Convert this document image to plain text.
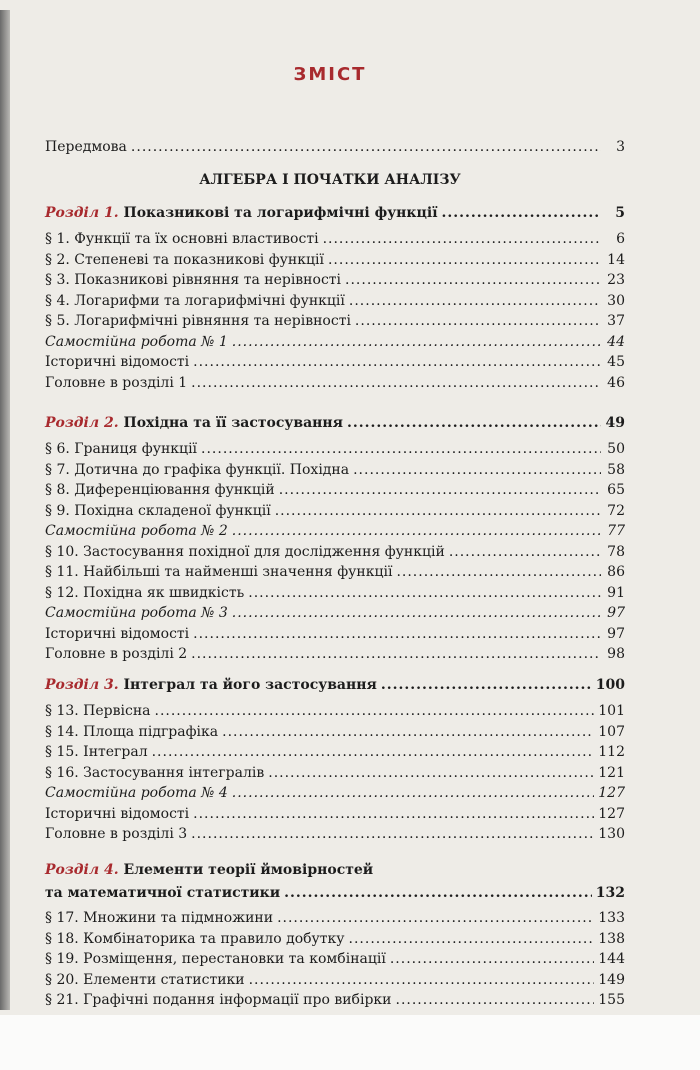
ЗМІСТ
Передмова .....	3
АЛГЕБРА І ПОЧАТКИ АНАЛІЗУ
Розділ 1. Показникові та логарифмічні функції .....	5
§ 1. Функції та їх основні властивості .....	6
§ 2. Степеневі та показникові функції .....	14
§ 3. Показникові рівняння та нерівності .....	23
§ 4. Логарифми та логарифмічні функції .....	30
§ 5. Логарифмічні рівняння та нерівності .....	37
Самостійна робота № 1 .....	44
Історичні відомості .....	45
Головне в розділі 1 .....	46
Розділ 2. Похідна та її застосування .....	49
§ 6. Границя функції .....	50
§ 7. Дотична до графіка функції. Похідна .....	58
§ 8. Диференціювання функцій .....	65
§ 9. Похідна складеної функції .....	72
Самостійна робота № 2 .....	77
§ 10. Застосування похідної для дослідження функцій .....	78
§ 11. Найбільші та найменші значення функції .....	86
§ 12. Похідна як швидкість .....	91
Самостійна робота № 3 .....	97
Історичні відомості .....	97
Головне в розділі 2 .....	98
Розділ 3. Інтеграл та його застосування .....	100
§ 13. Первісна .....	101
§ 14. Площа підграфіка .....	107
§ 15. Інтеграл .....	112
§ 16. Застосування інтегралів .....	121
Самостійна робота № 4 .....	127
Історичні відомості .....	127
Головне в розділі 3 .....	130
Розділ 4. Елементи теорії ймовірностей
та математичної статистики .....	132
§ 17. Множини та підмножини .....	133
§ 18. Комбінаторика та правило добутку .....	138
§ 19. Розміщення, перестановки та комбінації .....	144
§ 20. Елементи статистики .....	149
§ 21. Графічні подання інформації про вибірки .....	155
